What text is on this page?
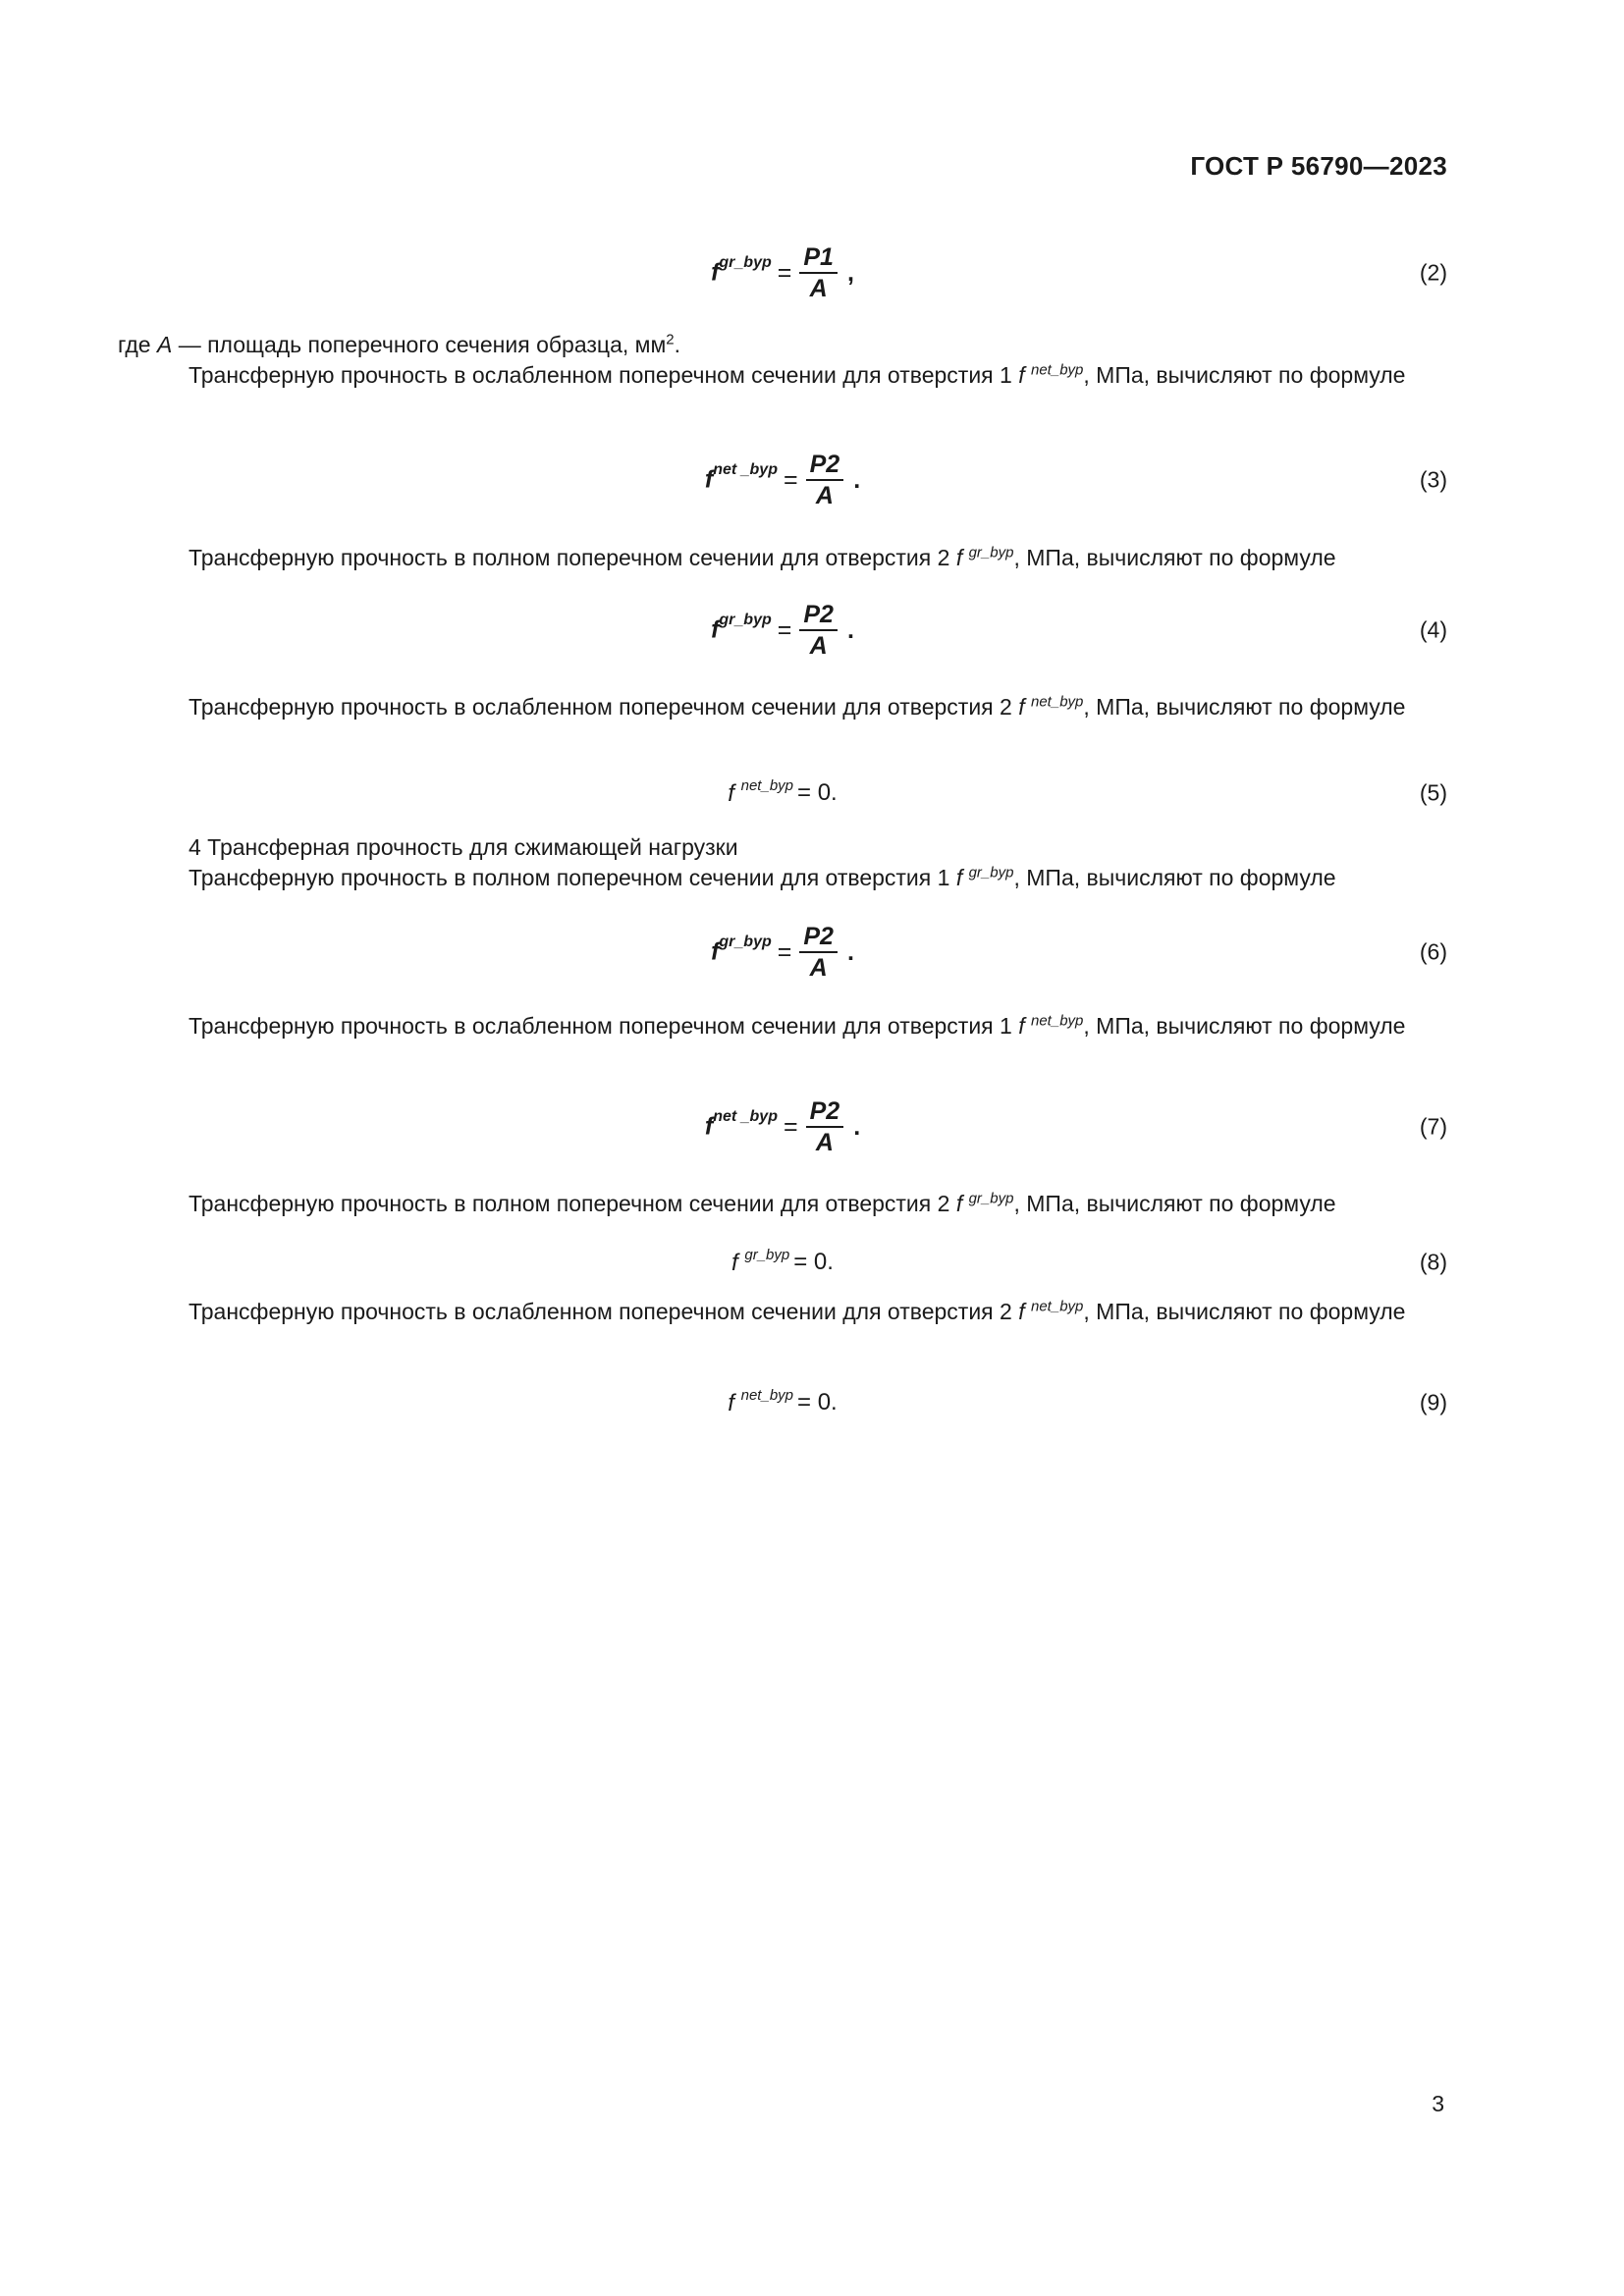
ГОСТ Р 56790—2023
$f^{gr\_byp} = \frac{P1}{A}$ ,	(2)

где A — площадь поперечного сечения образца, $мм^2$.

Трансферную прочность в ослабленном поперечном сечении для отверстия 1 f $^{net\_byp}$, МПа, вычисляют по формуле

$f^{net \_byp} = \frac{P2}{A}$ .	(3)

Трансферную прочность в полном поперечном сечении для отверстия 2 f $^{gr\_byp}$, МПа, вычисляют по формуле

$f^{gr\_byp} = \frac{P2}{A}$ .	(4)

Трансферную прочность в ослабленном поперечном сечении для отверстия 2 f $^{net\_byp}$, МПа, вычисляют по формуле

f $^{net\_byp}$ = 0.	(5)

4 Трансферная прочность для сжимающей нагрузки

Трансферную прочность в полном поперечном сечении для отверстия 1 f $^{gr\_byp}$, МПа, вычисляют по формуле

$f^{gr\_byp} = \frac{P2}{A}$ .	(6)

Трансферную прочность в ослабленном поперечном сечении для отверстия 1 f $^{net\_byp}$, МПа, вычисляют по формуле

$f^{net \_byp} = \frac{P2}{A}$ .	(7)

Трансферную прочность в полном поперечном сечении для отверстия 2 f $^{gr\_byp}$, МПа, вычисляют по формуле

f $^{gr\_byp}$ = 0.	(8)

Трансферную прочность в ослабленном поперечном сечении для отверстия 2 f $^{net\_byp}$, МПа, вычисляют по формуле

f $^{net\_byp}$ = 0.	(9)
3
